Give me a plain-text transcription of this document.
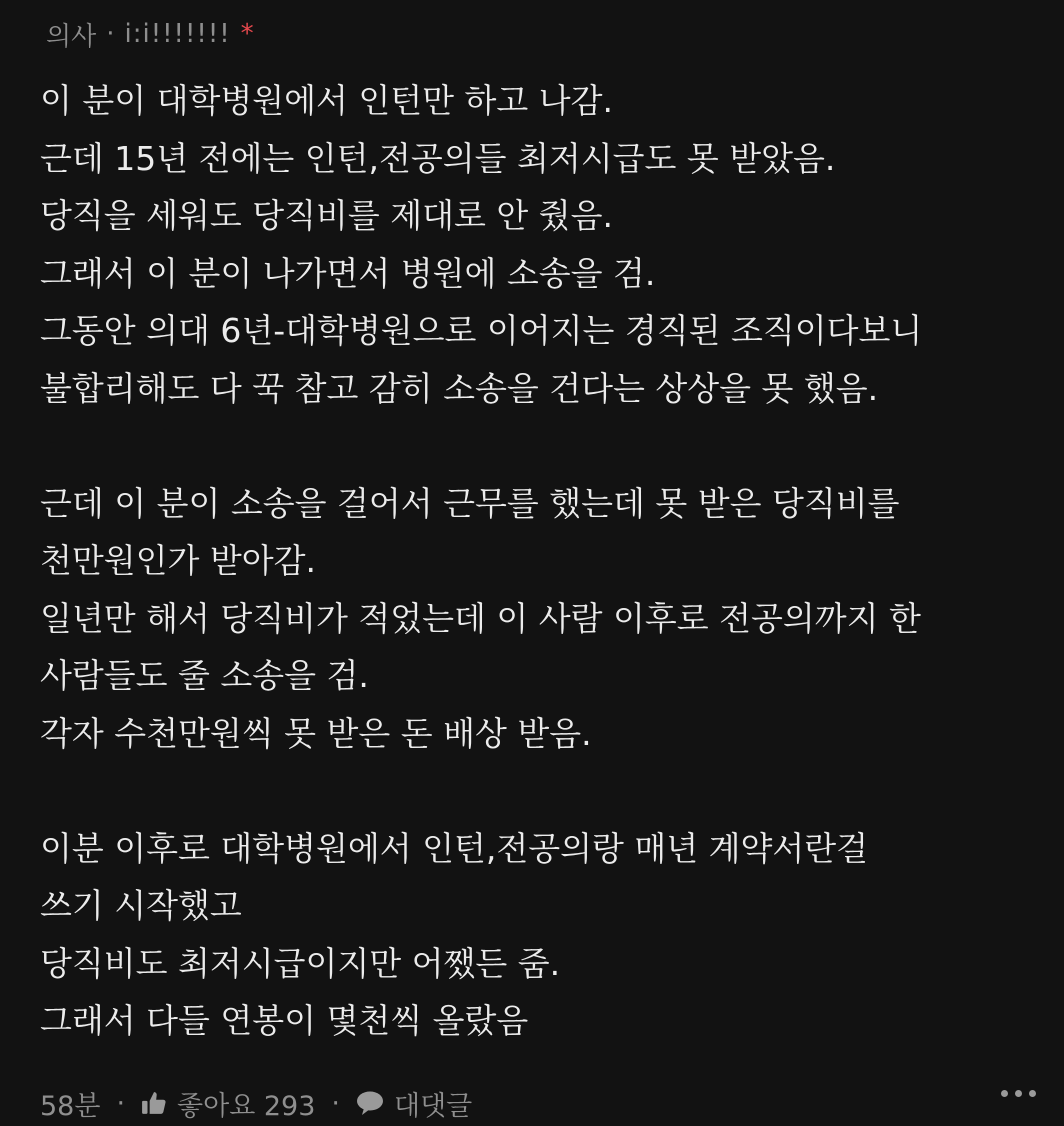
의사 · i:i!!!!!!! *
이 분이 대학병원에서 인턴만 하고 나감.
근데 15년 전에는 인턴,전공의들 최저시급도 못 받았음.
당직을 세워도 당직비를 제대로 안 줬음.
그래서 이 분이 나가면서 병원에 소송을 검.
그동안 의대 6년-대학병원으로 이어지는 경직된 조직이다보니
불합리해도 다 꾹 참고 감히 소송을 건다는 상상을 못 했음.
근데 이 분이 소송을 걸어서 근무를 했는데 못 받은 당직비를
천만원인가 받아감.
일년만 해서 당직비가 적었는데 이 사람 이후로 전공의까지 한
사람들도 줄 소송을 검.
각자 수천만원씩 못 받은 돈 배상 받음.
이분 이후로 대학병원에서 인턴,전공의랑 매년 계약서란걸
쓰기 시작했고
당직비도 최저시급이지만 어쨌든 줌.
그래서 다들 연봉이 몇천씩 올랐음
58분 · 좋아요 293 · 대댓글
